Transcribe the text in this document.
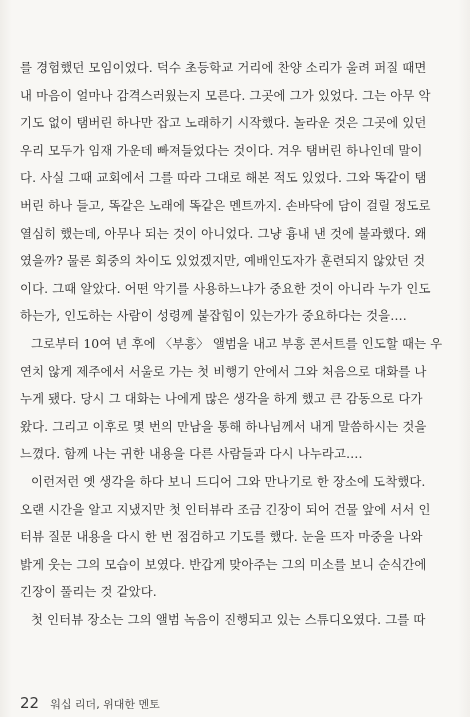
를 경험했던 모임이었다. 덕수 초등학교 거리에 찬양 소리가 울려 퍼질 때면
내 마음이 얼마나 감격스러웠는지 모른다. 그곳에 그가 있었다. 그는 아무 악
기도 없이 탬버린 하나만 잡고 노래하기 시작했다. 놀라운 것은 그곳에 있던
우리 모두가 임재 가운데 빠져들었다는 것이다. 겨우 탬버린 하나인데 말이
다. 사실 그때 교회에서 그를 따라 그대로 해본 적도 있었다. 그와 똑같이 탬
버린 하나 들고, 똑같은 노래에 똑같은 멘트까지. 손바닥에 담이 걸릴 정도로
열심히 했는데, 아무나 되는 것이 아니었다. 그냥 흉내 낸 것에 불과했다. 왜
였을까? 물론 회중의 차이도 있었겠지만, 예배인도자가 훈련되지 않았던 것
이다. 그때 알았다. 어떤 악기를 사용하느냐가 중요한 것이 아니라 누가 인도
하는가, 인도하는 사람이 성령께 붙잡힘이 있는가가 중요하다는 것을….
그로부터 10여 년 후에 〈부흥〉 앨범을 내고 부흥 콘서트를 인도할 때는 우
연치 않게 제주에서 서울로 가는 첫 비행기 안에서 그와 처음으로 대화를 나
누게 됐다. 당시 그 대화는 나에게 많은 생각을 하게 했고 큰 감동으로 다가
왔다. 그리고 이후로 몇 번의 만남을 통해 하나님께서 내게 말씀하시는 것을
느꼈다. 함께 나는 귀한 내용을 다른 사람들과 다시 나누라고….
이런저런 옛 생각을 하다 보니 드디어 그와 만나기로 한 장소에 도착했다.
오랜 시간을 알고 지냈지만 첫 인터뷰라 조금 긴장이 되어 건물 앞에 서서 인
터뷰 질문 내용을 다시 한 번 점검하고 기도를 했다. 눈을 뜨자 마중을 나와
밝게 웃는 그의 모습이 보였다. 반갑게 맞아주는 그의 미소를 보니 순식간에
긴장이 풀리는 것 같았다.
첫 인터뷰 장소는 그의 앨범 녹음이 진행되고 있는 스튜디오였다. 그를 따
22 워십 리더, 위대한 멘토
